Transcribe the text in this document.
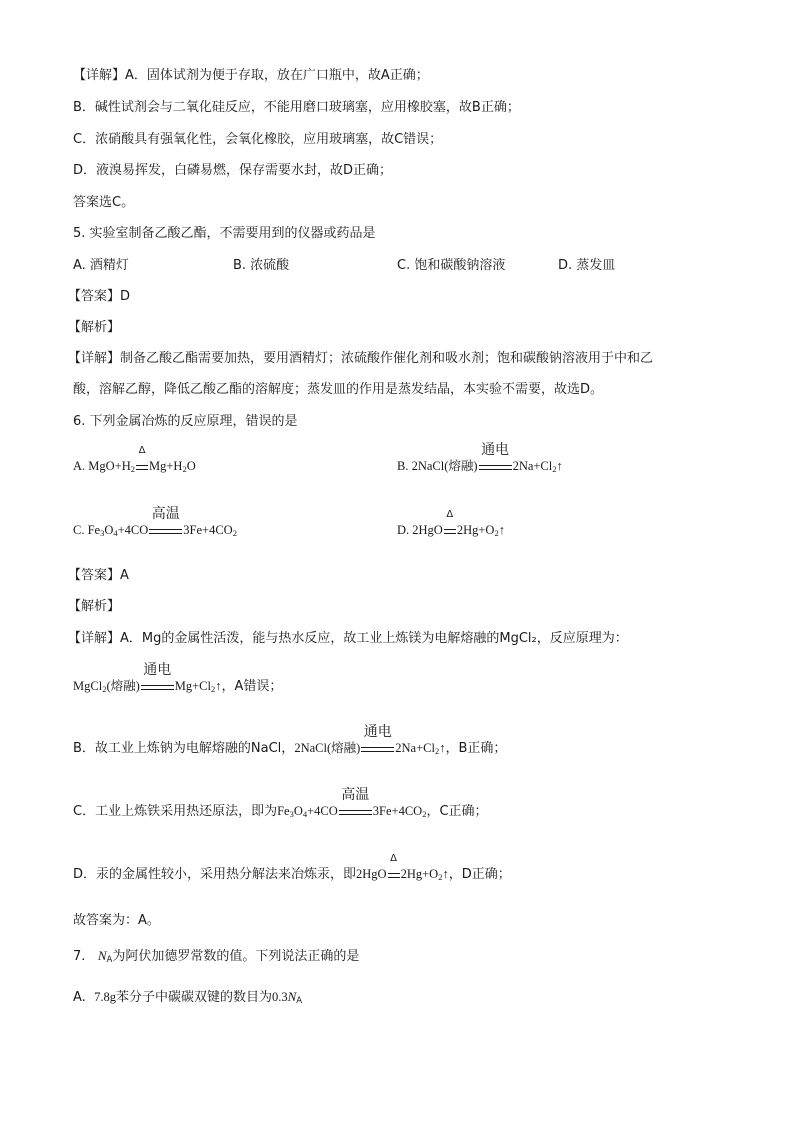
【详解】A．固体试剂为便于存取，放在广口瓶中，故A正确；
B．碱性试剂会与二氧化硅反应，不能用磨口玻璃塞，应用橡胶塞，故B正确；
C．浓硝酸具有强氧化性，会氧化橡胶，应用玻璃塞，故C错误；
D．液溴易挥发，白磷易燃，保存需要水封，故D正确；
答案选C。
5. 实验室制备乙酸乙酯，不需要用到的仪器或药品是
A. 酒精灯	B. 浓硫酸	C. 饱和碳酸钠溶液	D. 蒸发皿
【答案】D
【解析】
【详解】制备乙酸乙酯需要加热，要用酒精灯；浓硫酸作催化剂和吸水剂；饱和碳酸钠溶液用于中和乙
酸，溶解乙醇，降低乙酸乙酯的溶解度；蒸发皿的作用是蒸发结晶，本实验不需要，故选D。
6. 下列金属冶炼的反应原理，错误的是
A. $MgO+H_2$
Δ
$Mg+H_2O$	B. 2NaCl(熔融)
通电
$2Na+Cl_2↑$
C. $Fe_3O_4+4CO$
高温
$3Fe+4CO_2$	D. 2HgO
Δ
$2Hg+O_2↑$
【答案】A
【解析】
【详解】A．Mg的金属性活泼，能与热水反应，故工业上炼镁为电解熔融的MgCl₂，反应原理为：
MgCl$_2$(熔融)
通电
$Mg+Cl_2↑$，A错误；
B．故工业上炼钠为电解熔融的NaCl，2NaCl(熔融)
通电
$2Na+Cl_2↑$，B正确；
C．工业上炼铁采用热还原法，即为$Fe_3O_4+4CO$
高温
$3Fe+4CO_2$，C正确；
D．汞的金属性较小，采用热分解法来冶炼汞，即2HgO
Δ
$2Hg+O_2↑$，D正确；
故答案为：A。
7. $N_A$为阿伏加德罗常数的值。下列说法正确的是
A. 7.8g苯分子中碳碳双键的数目为$0.3N_A$
